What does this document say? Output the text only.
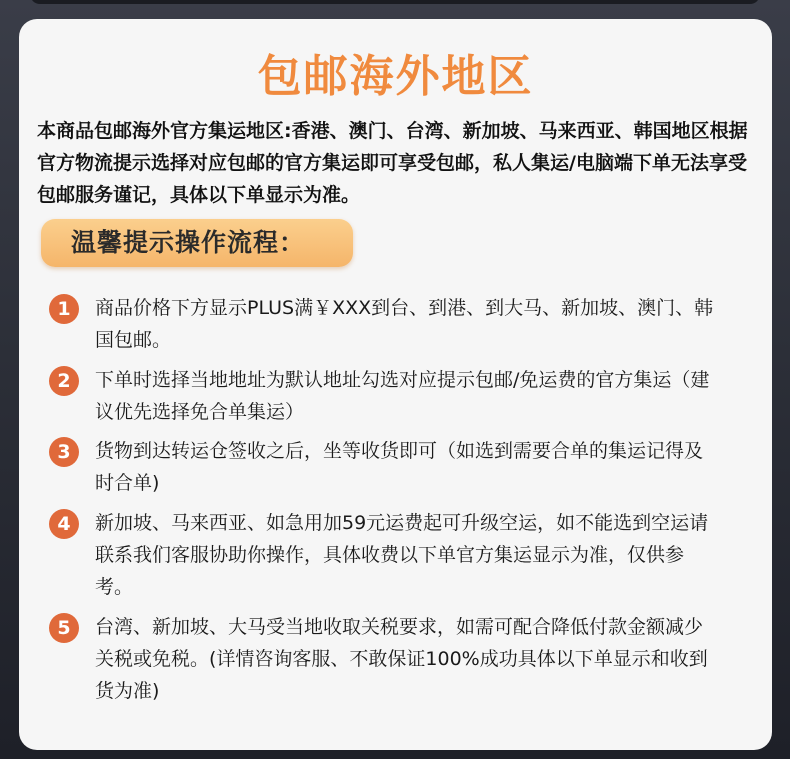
包邮海外地区
本商品包邮海外官方集运地区:香港、澳门、台湾、新加坡、马来西亚、韩国地区根据官方物流提示选择对应包邮的官方集运即可享受包邮，私人集运/电脑端下单无法享受包邮服务谨记，具体以下单显示为准。
温馨提示操作流程：
1	商品价格下方显示PLUS满￥XXX到台、到港、到大马、新加坡、澳门、韩国包邮。
2	下单时选择当地地址为默认地址勾选对应提示包邮/免运费的官方集运（建议优先选择免合单集运）
3	货物到达转运仓签收之后，坐等收货即可（如选到需要合单的集运记得及时合单)
4	新加坡、马来西亚、如急用加59元运费起可升级空运，如不能选到空运请联系我们客服协助你操作，具体收费以下单官方集运显示为准，仅供参考。
5	台湾、新加坡、大马受当地收取关税要求，如需可配合降低付款金额减少关税或免税。(详情咨询客服、不敢保证100%成功具体以下单显示和收到货为准)
